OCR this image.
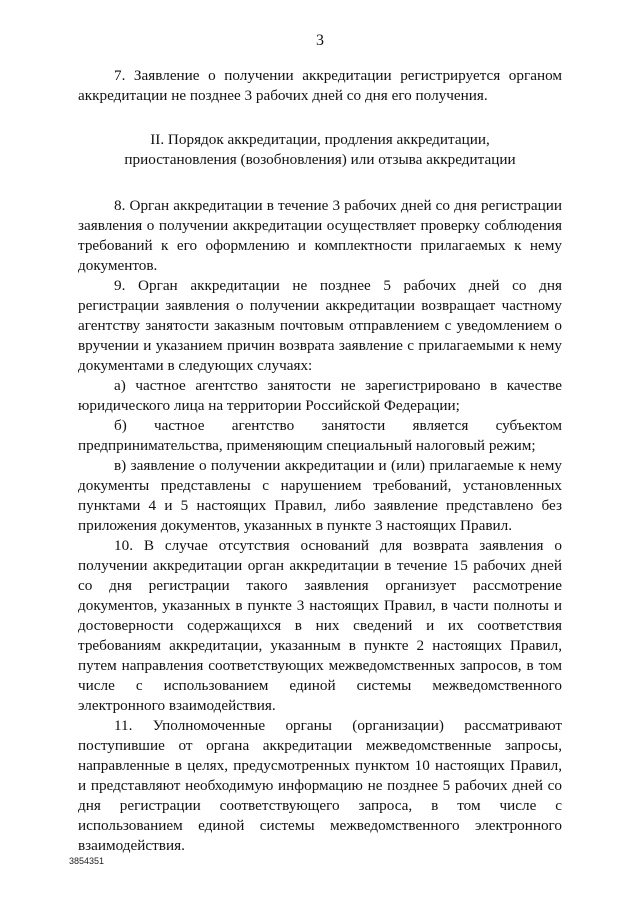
3

7. Заявление о получении аккредитации регистрируется органом аккредитации не позднее 3 рабочих дней со дня его получения.

II. Порядок аккредитации, продления аккредитации,
приостановления (возобновления) или отзыва аккредитации

8. Орган аккредитации в течение 3 рабочих дней со дня регистрации заявления о получении аккредитации осуществляет проверку соблюдения требований к его оформлению и комплектности прилагаемых к нему документов.

9. Орган аккредитации не позднее 5 рабочих дней со дня регистрации заявления о получении аккредитации возвращает частному агентству занятости заказным почтовым отправлением с уведомлением о вручении и указанием причин возврата заявление с прилагаемыми к нему документами в следующих случаях:

а) частное агентство занятости не зарегистрировано в качестве юридического лица на территории Российской Федерации;

б) частное агентство занятости является субъектом предпринимательства, применяющим специальный налоговый режим;

в) заявление о получении аккредитации и (или) прилагаемые к нему документы представлены с нарушением требований, установленных пунктами 4 и 5 настоящих Правил, либо заявление представлено без приложения документов, указанных в пункте 3 настоящих Правил.

10. В случае отсутствия оснований для возврата заявления о получении аккредитации орган аккредитации в течение 15 рабочих дней со дня регистрации такого заявления организует рассмотрение документов, указанных в пункте 3 настоящих Правил, в части полноты и достоверности содержащихся в них сведений и их соответствия требованиям аккредитации, указанным в пункте 2 настоящих Правил, путем направления соответствующих межведомственных запросов, в том числе с использованием единой системы межведомственного электронного взаимодействия.

11. Уполномоченные органы (организации) рассматривают поступившие от органа аккредитации межведомственные запросы, направленные в целях, предусмотренных пунктом 10 настоящих Правил, и представляют необходимую информацию не позднее 5 рабочих дней со дня регистрации соответствующего запроса, в том числе с использованием единой системы межведомственного электронного взаимодействия.

3854351
